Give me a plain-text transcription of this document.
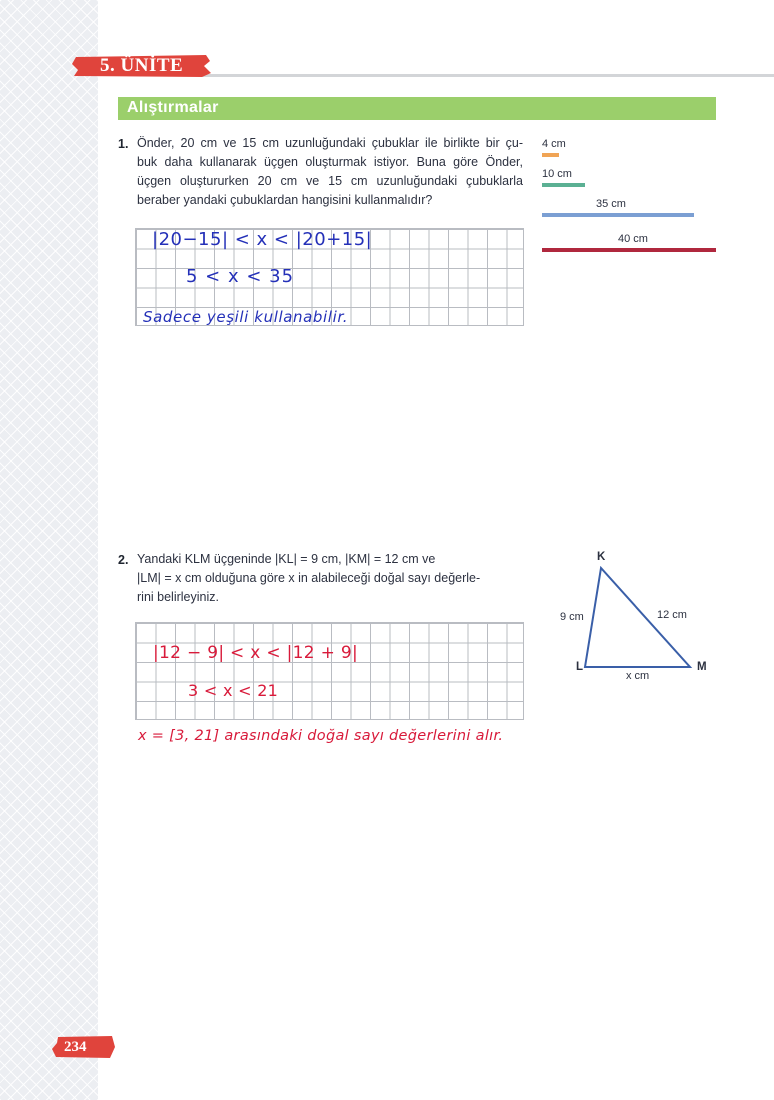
5. ÜNİTE
Alıştırmalar
1. Önder, 20 cm ve 15 cm uzunluğundaki çubuklar ile birlikte bir çu-
buk daha kullanarak üçgen oluşturmak istiyor. Buna göre Önder,
üçgen oluştururken 20 cm ve 15 cm uzunluğundaki çubuklarla
beraber yandaki çubuklardan hangisini kullanmalıdır?
4 cm
10 cm
35 cm
40 cm
|20−15| < x < |20+15|
5 < x < 35
Sadece yeşili kullanabilir.
2. Yandaki KLM üçgeninde |KL| = 9 cm, |KM| = 12 cm ve
|LM| = x cm olduğuna göre x in alabileceği doğal sayı değerle-
rini belirleyiniz.
K
L	M
9 cm	12 cm
x cm
|12 − 9| < x < |12 + 9|
3 < x < 21
x = [3, 21] arasındaki doğal sayı değerlerini alır.
234
